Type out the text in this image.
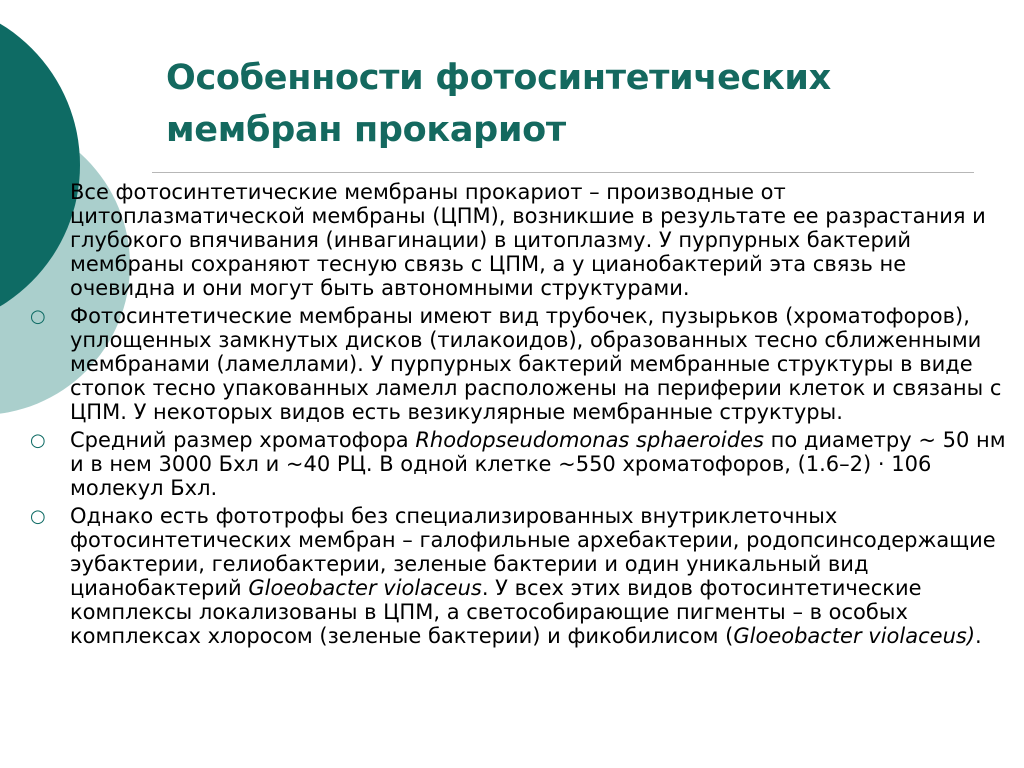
Особенности фотосинтетических
мембран прокариот

Все фотосинтетические мембраны прокариот – производные от цитоплазматической мембраны (ЦПМ), возникшие в результате ее разрастания и глубокого впячивания (инвагинации) в цитоплазму. У пурпурных бактерий мембраны сохраняют тесную связь с ЦПМ, а у цианобактерий эта связь не очевидна и они могут быть автономными структурами.

○ Фотосинтетические мембраны имеют вид трубочек, пузырьков (хроматофоров), уплощенных замкнутых дисков (тилакоидов), образованных тесно сближенными мембранами (ламеллами). У пурпурных бактерий мембранные структуры в виде стопок тесно упакованных ламелл расположены на периферии клеток и связаны с ЦПМ. У некоторых видов есть везикулярные мембранные структуры.

○ Средний размер хроматофора Rhodopseudomonas sphaeroides по диаметру ~ 50 нм и в нем 3000 Бхл и ~40 РЦ. В одной клетке ~550 хроматофоров, (1.6–2) · 106 молекул Бхл.

○ Однако есть фототрофы без специализированных внутриклеточных фотосинтетических мембран – галофильные архебактерии, родопсинсодержащие эубактерии, гелиобактерии, зеленые бактерии и один уникальный вид цианобактерий Gloeobacter violaceus. У всех этих видов фотосинтетические комплексы локализованы в ЦПМ, а светособирающие пигменты – в особых комплексах хлоросом (зеленые бактерии) и фикобилисом (Gloeobacter violaceus).
